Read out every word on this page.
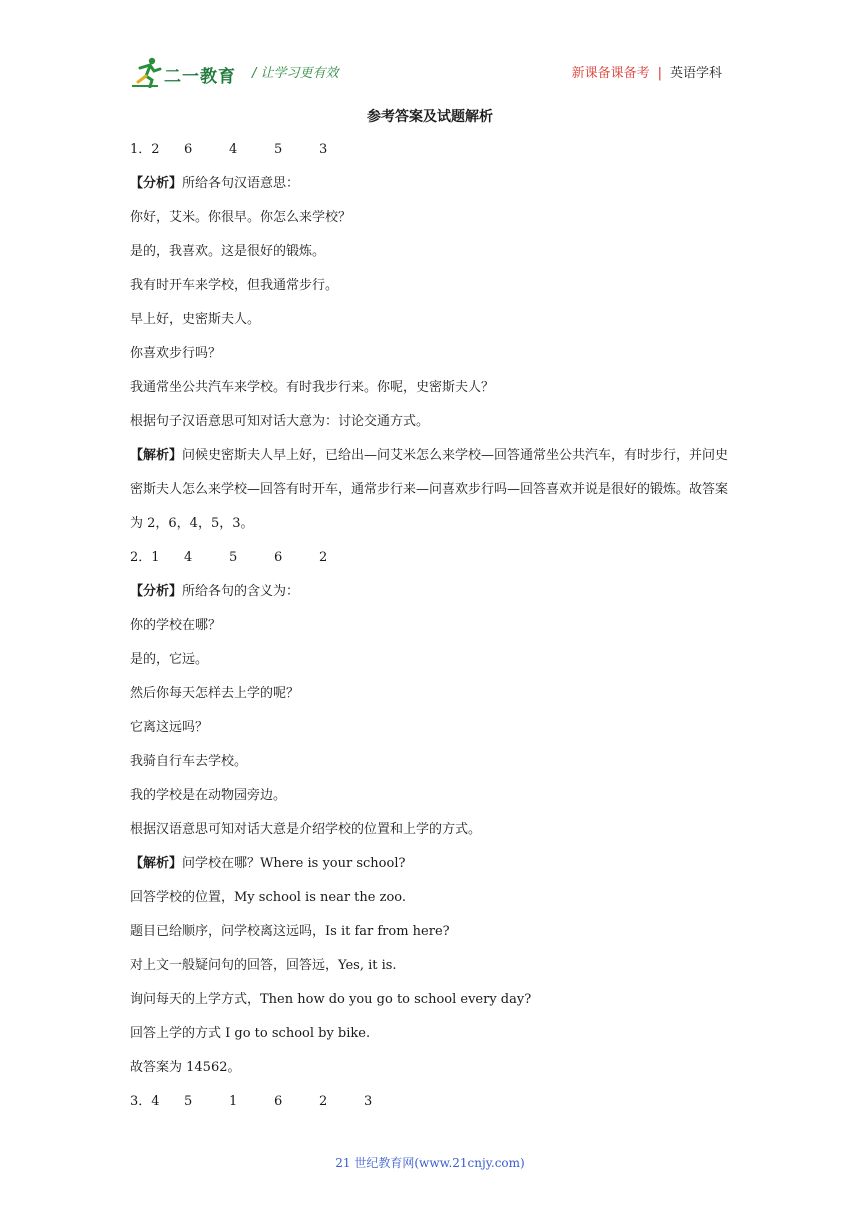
二一教育 / 让学习更有效	新课备课备考 | 英语学科
参考答案及试题解析
1．2 6	4	5	3
【分析】所给各句汉语意思：
你好，艾米。你很早。你怎么来学校？
是的，我喜欢。这是很好的锻炼。
我有时开车来学校，但我通常步行。
早上好，史密斯夫人。
你喜欢步行吗？
我通常坐公共汽车来学校。有时我步行来。你呢，史密斯夫人？
根据句子汉语意思可知对话大意为：讨论交通方式。
【解析】问候史密斯夫人早上好，已给出—问艾米怎么来学校—回答通常坐公共汽车，有时步行，并问史密斯夫人怎么来学校—回答有时开车，通常步行来—问喜欢步行吗—回答喜欢并说是很好的锻炼。故答案为 2，6，4，5，3。
2．1 4	5	6	2
【分析】所给各句的含义为：
你的学校在哪？
是的，它远。
然后你每天怎样去上学的呢？
它离这远吗？
我骑自行车去学校。
我的学校是在动物园旁边。
根据汉语意思可知对话大意是介绍学校的位置和上学的方式。
【解析】问学校在哪？Where is your school?
回答学校的位置，My school is near the zoo.
题目已给顺序，问学校离这远吗，Is it far from here?
对上文一般疑问句的回答，回答远，Yes, it is.
询问每天的上学方式，Then how do you go to school every day?
回答上学的方式 I go to school by bike.
故答案为 14562。
3．4 5	1	6	2	3
21 世纪教育网(www.21cnjy.com)
